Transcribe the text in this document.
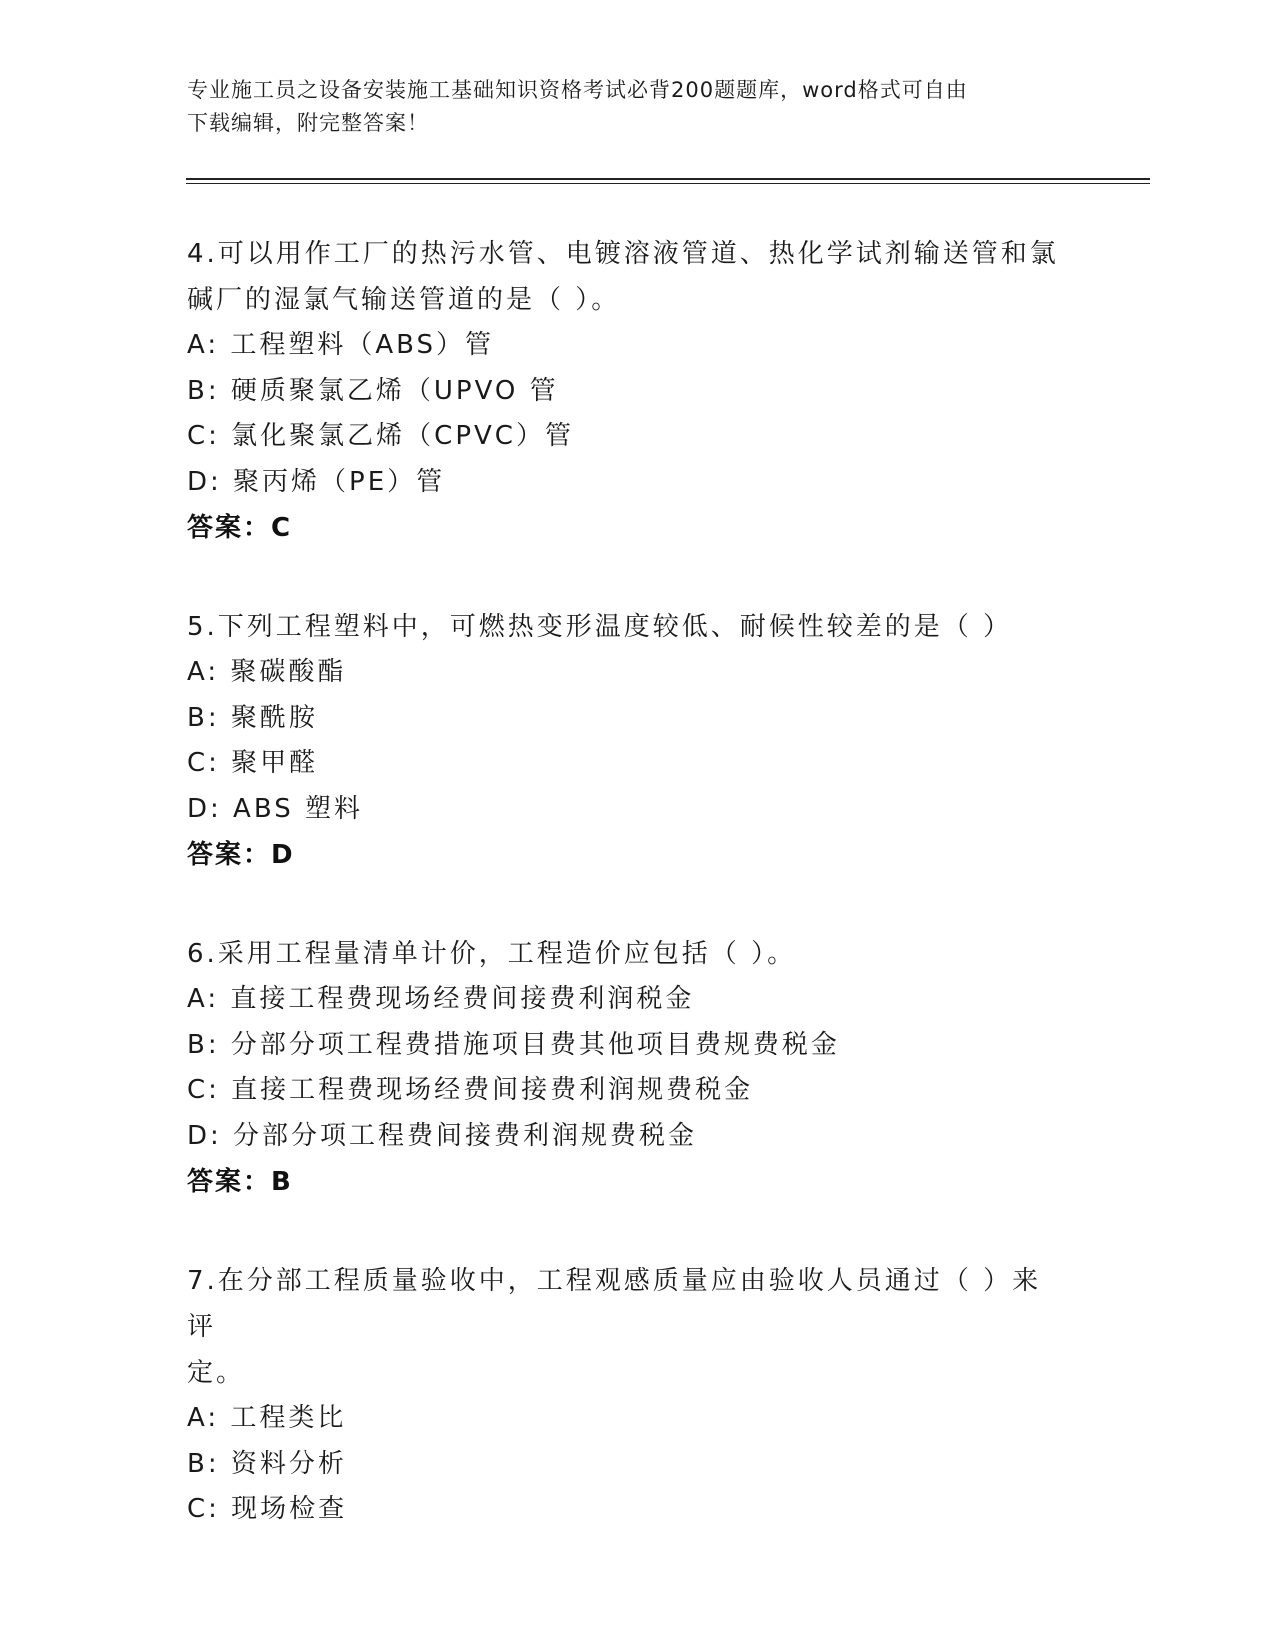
专业施工员之设备安装施工基础知识资格考试必背200题题库，word格式可自由
下载编辑，附完整答案！

4.可以用作工厂的热污水管、电镀溶液管道、热化学试剂输送管和氯

碱厂的湿氯气输送管道的是（ ）。

A: 工程塑料（ABS）管

B: 硬质聚氯乙烯（UPVO 管

C: 氯化聚氯乙烯（CPVC）管

D: 聚丙烯（PE）管

答案：C

5.下列工程塑料中，可燃热变形温度较低、耐候性较差的是（ ）

A: 聚碳酸酯

B: 聚酰胺

C: 聚甲醛

D: ABS 塑料

答案：D

6.采用工程量清单计价，工程造价应包括（ ）。

A: 直接工程费现场经费间接费利润税金

B: 分部分项工程费措施项目费其他项目费规费税金

C: 直接工程费现场经费间接费利润规费税金

D: 分部分项工程费间接费利润规费税金

答案：B

7.在分部工程质量验收中，工程观感质量应由验收人员通过（ ）来评

定。

A: 工程类比

B: 资料分析

C: 现场检查
